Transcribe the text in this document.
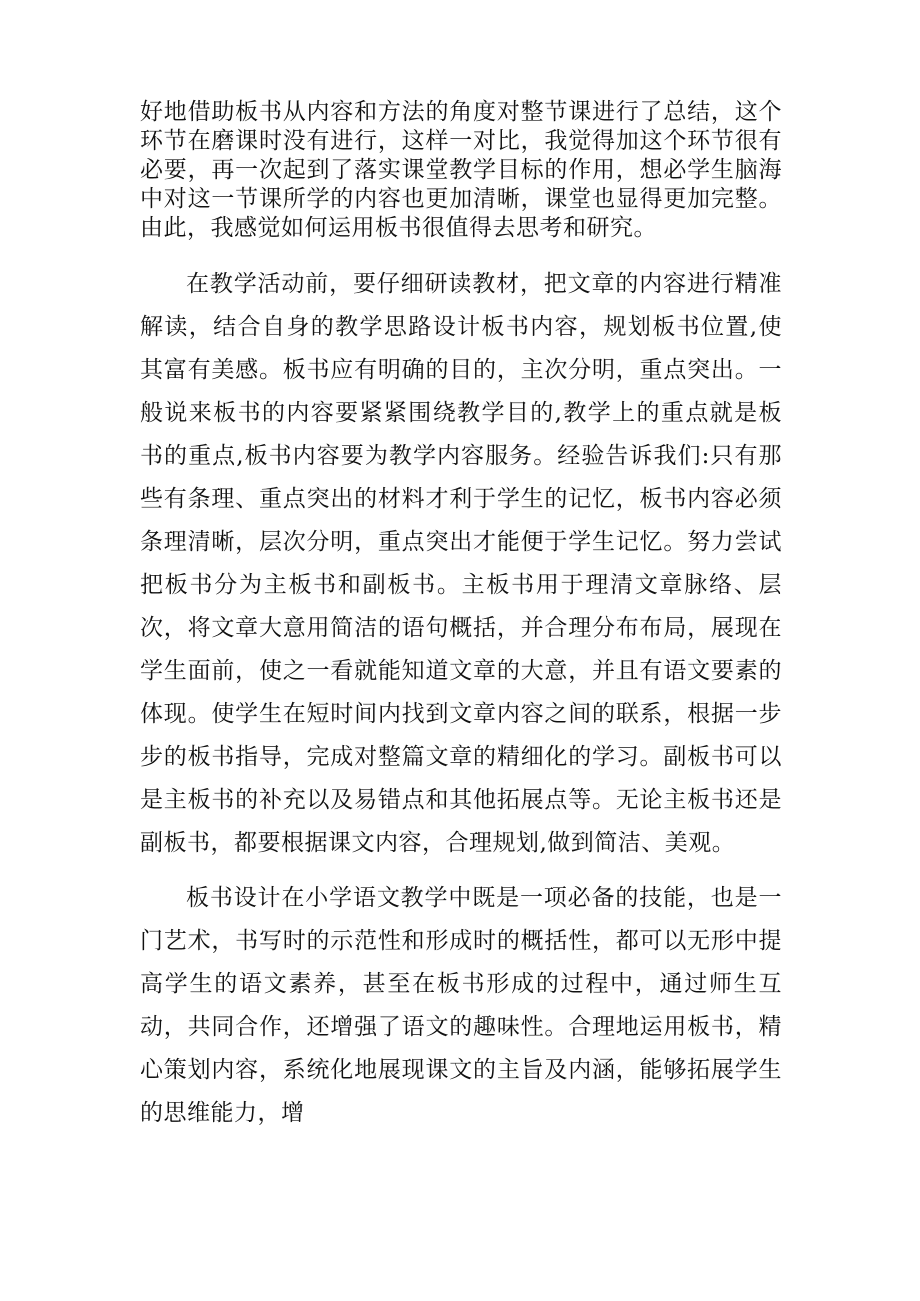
好地借助板书从内容和方法的角度对整节课进行了总结，这个环节在磨课时没有进行，这样一对比，我觉得加这个环节很有必要，再一次起到了落实课堂教学目标的作用，想必学生脑海中对这一节课所学的内容也更加清晰，课堂也显得更加完整。由此，我感觉如何运用板书很值得去思考和研究。

在教学活动前，要仔细研读教材，把文章的内容进行精准解读，结合自身的教学思路设计板书内容，规划板书位置,使其富有美感。板书应有明确的目的，主次分明，重点突出。一般说来板书的内容要紧紧围绕教学目的,教学上的重点就是板书的重点,板书内容要为教学内容服务。经验告诉我们:只有那些有条理、重点突出的材料才利于学生的记忆，板书内容必须条理清晰，层次分明，重点突出才能便于学生记忆。努力尝试把板书分为主板书和副板书。主板书用于理清文章脉络、层次，将文章大意用简洁的语句概括，并合理分布布局，展现在学生面前，使之一看就能知道文章的大意，并且有语文要素的体现。使学生在短时间内找到文章内容之间的联系，根据一步步的板书指导，完成对整篇文章的精细化的学习。副板书可以是主板书的补充以及易错点和其他拓展点等。无论主板书还是副板书，都要根据课文内容，合理规划,做到简洁、美观。

板书设计在小学语文教学中既是一项必备的技能，也是一门艺术，书写时的示范性和形成时的概括性，都可以无形中提高学生的语文素养，甚至在板书形成的过程中，通过师生互动，共同合作，还增强了语文的趣味性。合理地运用板书，精心策划内容，系统化地展现课文的主旨及内涵，能够拓展学生的思维能力，增
